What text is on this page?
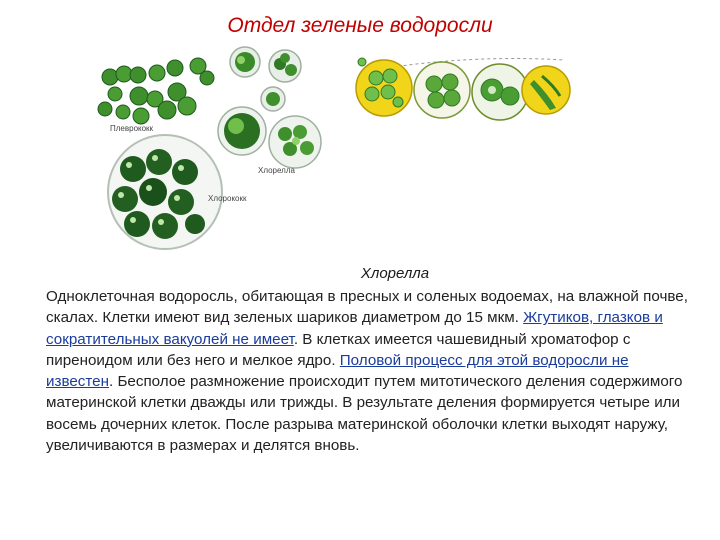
Отдел зеленые водоросли
Плеврококк
Хлорелла
Хлорококк
Хлорелла

Одноклеточная водоросль, обитающая в пресных и соленых водоемах, на влажной почве, скалах. Клетки имеют вид зеленых шариков диаметром до 15 мкм. Жгутиков, глазков и сократительных вакуолей не имеет. В клетках имеется чашевидный хроматофор с пиреноидом или без него и мелкое ядро. Половой процесс для этой водоросли не известен. Бесполое размножение происходит путем митотического деления содержимого материнской клетки дважды или трижды. В результате деления формируется четыре или восемь дочерних клеток. После разрыва материнской оболочки клетки выходят наружу, увеличиваются в размерах и делятся вновь.
